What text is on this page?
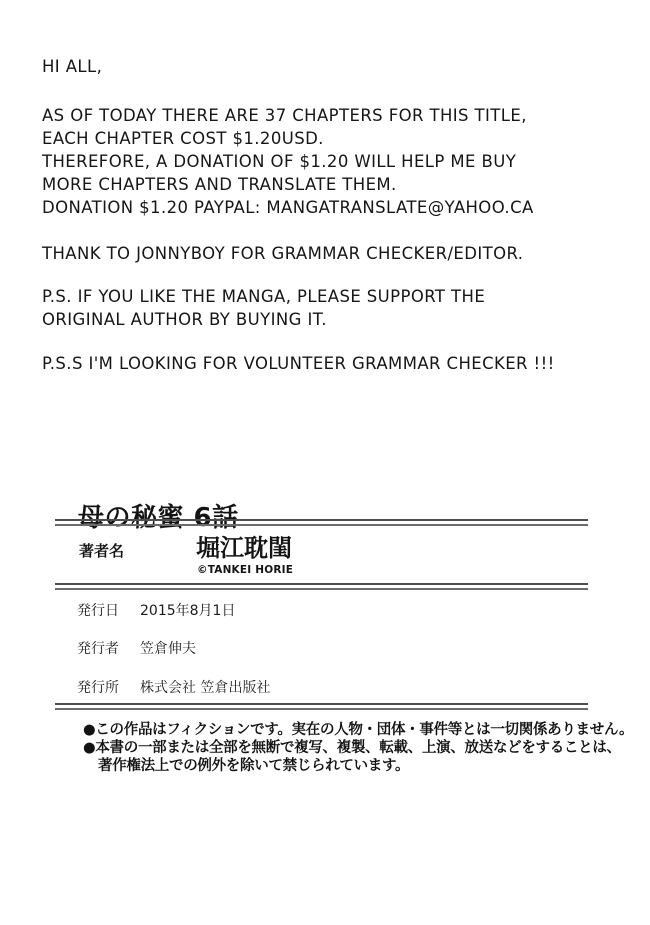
HI ALL,

AS OF TODAY THERE ARE 37 CHAPTERS FOR THIS TITLE,
EACH CHAPTER COST $1.20USD.
THEREFORE, A DONATION OF $1.20 WILL HELP ME BUY
MORE CHAPTERS AND TRANSLATE THEM.
DONATION $1.20 PAYPAL: MANGATRANSLATE@YAHOO.CA

THANK TO JONNYBOY FOR GRAMMAR CHECKER/EDITOR.

P.S. IF YOU LIKE THE MANGA, PLEASE SUPPORT THE
ORIGINAL AUTHOR BY BUYING IT.

P.S.S I'M LOOKING FOR VOLUNTEER GRAMMAR CHECKER !!!

母の秘蜜 6話
著者名	堀江耽閨
©TANKEI HORIE
発行日 2015年8月1日
発行者 笠倉伸夫
発行所 株式会社 笠倉出版社

●この作品はフィクションです。実在の人物・団体・事件等とは一切関係ありません。

●本書の一部または全部を無断で複写、複製、転載、上演、放送などをすることは、

著作権法上での例外を除いて禁じられています。
